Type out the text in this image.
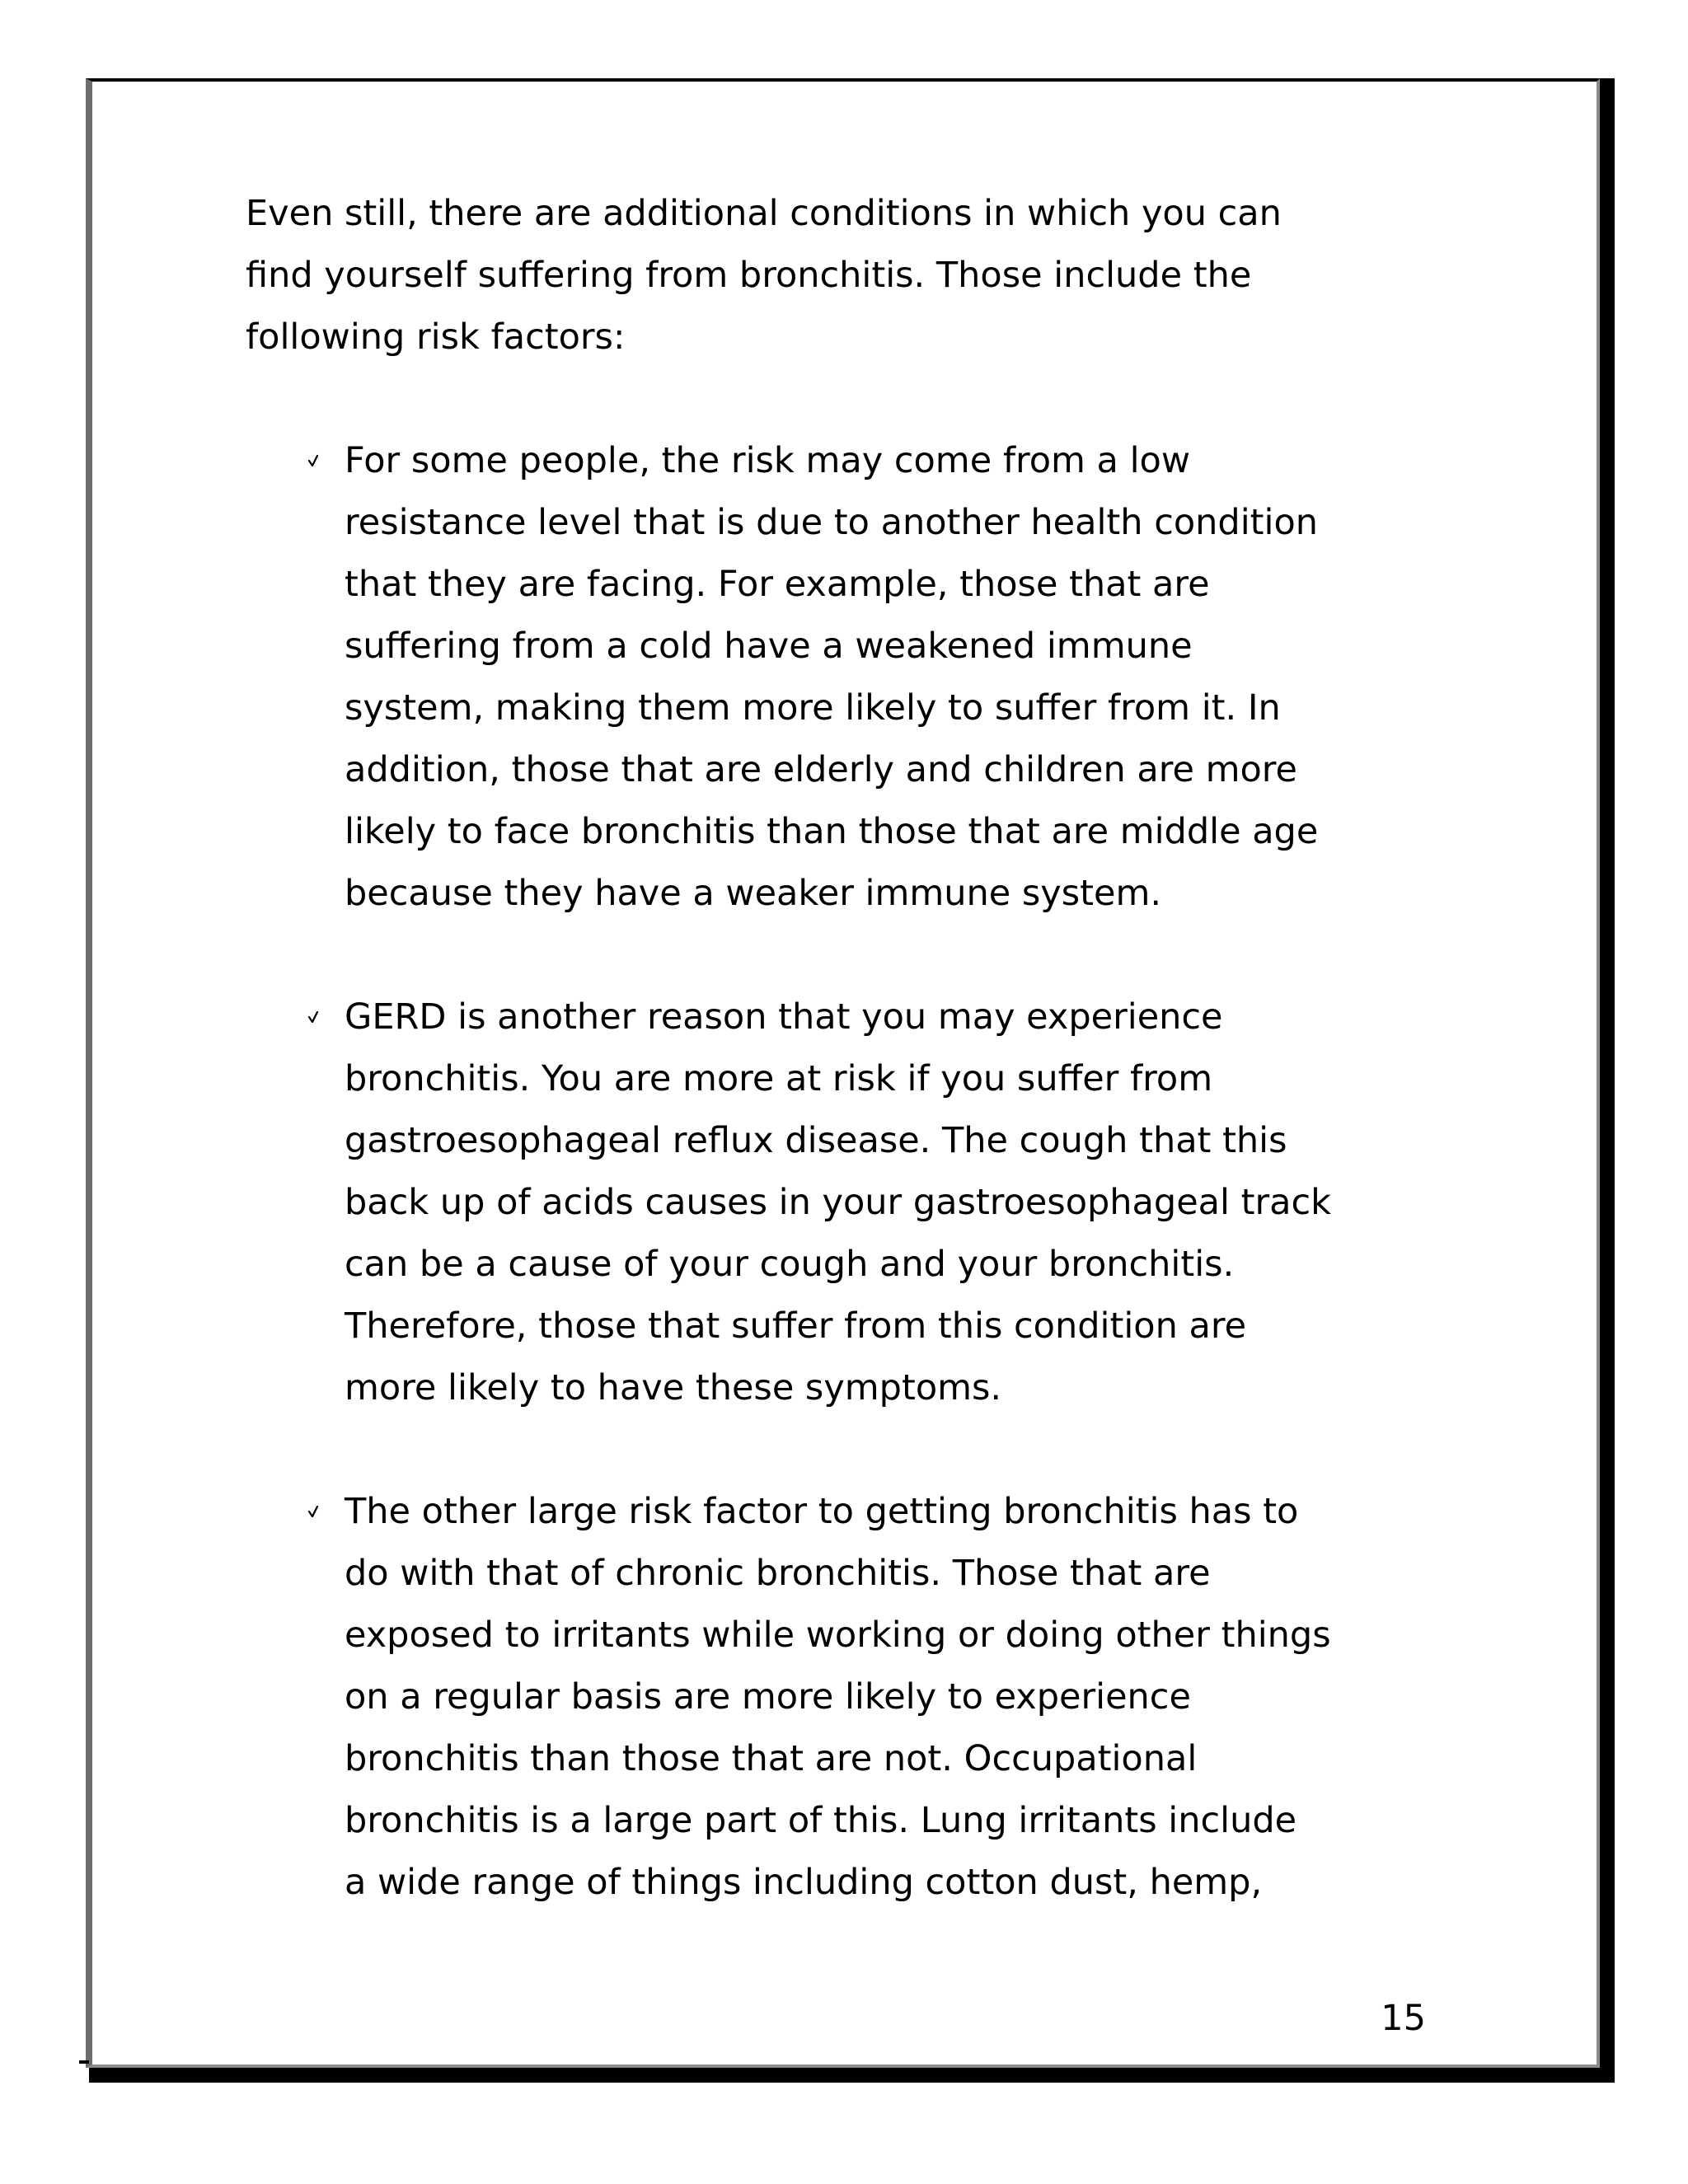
Even still, there are additional conditions in which you can
find yourself suffering from bronchitis. Those include the
following risk factors:

For some people, the risk may come from a low
resistance level that is due to another health condition
that they are facing. For example, those that are
suffering from a cold have a weakened immune
system, making them more likely to suffer from it. In
addition, those that are elderly and children are more
likely to face bronchitis than those that are middle age
because they have a weaker immune system.
GERD is another reason that you may experience
bronchitis. You are more at risk if you suffer from
gastroesophageal reflux disease. The cough that this
back up of acids causes in your gastroesophageal track
can be a cause of your cough and your bronchitis.
Therefore, those that suffer from this condition are
more likely to have these symptoms.
The other large risk factor to getting bronchitis has to
do with that of chronic bronchitis. Those that are
exposed to irritants while working or doing other things
on a regular basis are more likely to experience
bronchitis than those that are not. Occupational
bronchitis is a large part of this. Lung irritants include
a wide range of things including cotton dust, hemp,
15
